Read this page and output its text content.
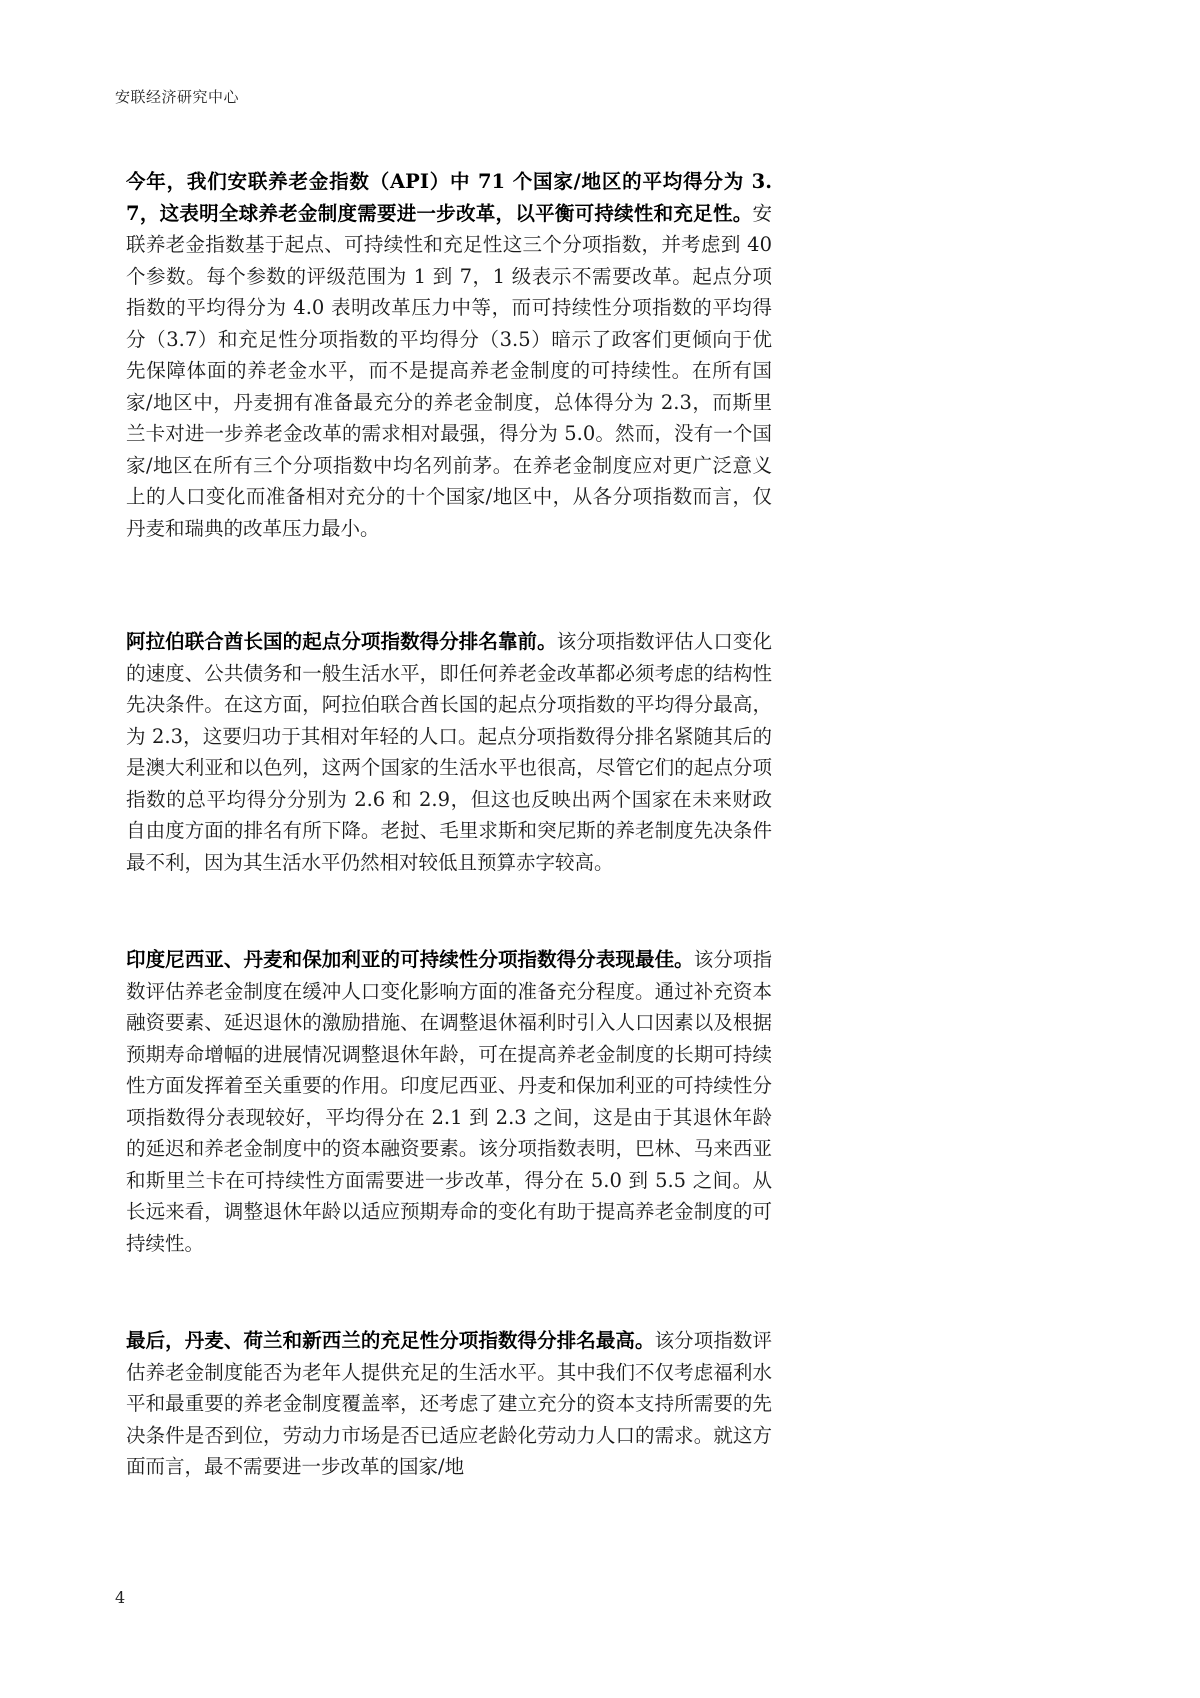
安联经济研究中心

今年，我们安联养老金指数（API）中 71 个国家/地区的平均得分为 3.7，这表明全球养老金制度需要进一步改革，以平衡可持续性和充足性。安联养老金指数基于起点、可持续性和充足性这三个分项指数，并考虑到 40 个参数。每个参数的评级范围为 1 到 7，1 级表示不需要改革。起点分项指数的平均得分为 4.0 表明改革压力中等，而可持续性分项指数的平均得分（3.7）和充足性分项指数的平均得分（3.5）暗示了政客们更倾向于优先保障体面的养老金水平，而不是提高养老金制度的可持续性。在所有国家/地区中，丹麦拥有准备最充分的养老金制度，总体得分为 2.3，而斯里兰卡对进一步养老金改革的需求相对最强，得分为 5.0。然而，没有一个国家/地区在所有三个分项指数中均名列前茅。在养老金制度应对更广泛意义上的人口变化而准备相对充分的十个国家/地区中，从各分项指数而言，仅丹麦和瑞典的改革压力最小。

阿拉伯联合酋长国的起点分项指数得分排名靠前。该分项指数评估人口变化的速度、公共债务和一般生活水平，即任何养老金改革都必须考虑的结构性先决条件。在这方面，阿拉伯联合酋长国的起点分项指数的平均得分最高，为 2.3，这要归功于其相对年轻的人口。起点分项指数得分排名紧随其后的是澳大利亚和以色列，这两个国家的生活水平也很高，尽管它们的起点分项指数的总平均得分分别为 2.6 和 2.9，但这也反映出两个国家在未来财政自由度方面的排名有所下降。老挝、毛里求斯和突尼斯的养老制度先决条件最不利，因为其生活水平仍然相对较低且预算赤字较高。

印度尼西亚、丹麦和保加利亚的可持续性分项指数得分表现最佳。该分项指数评估养老金制度在缓冲人口变化影响方面的准备充分程度。通过补充资本融资要素、延迟退休的激励措施、在调整退休福利时引入人口因素以及根据预期寿命增幅的进展情况调整退休年龄，可在提高养老金制度的长期可持续性方面发挥着至关重要的作用。印度尼西亚、丹麦和保加利亚的可持续性分项指数得分表现较好，平均得分在 2.1 到 2.3 之间，这是由于其退休年龄的延迟和养老金制度中的资本融资要素。该分项指数表明，巴林、马来西亚和斯里兰卡在可持续性方面需要进一步改革，得分在 5.0 到 5.5 之间。从长远来看，调整退休年龄以适应预期寿命的变化有助于提高养老金制度的可持续性。

最后，丹麦、荷兰和新西兰的充足性分项指数得分排名最高。该分项指数评估养老金制度能否为老年人提供充足的生活水平。其中我们不仅考虑福利水平和最重要的养老金制度覆盖率，还考虑了建立充分的资本支持所需要的先决条件是否到位，劳动力市场是否已适应老龄化劳动力人口的需求。就这方面而言，最不需要进一步改革的国家/地

4
